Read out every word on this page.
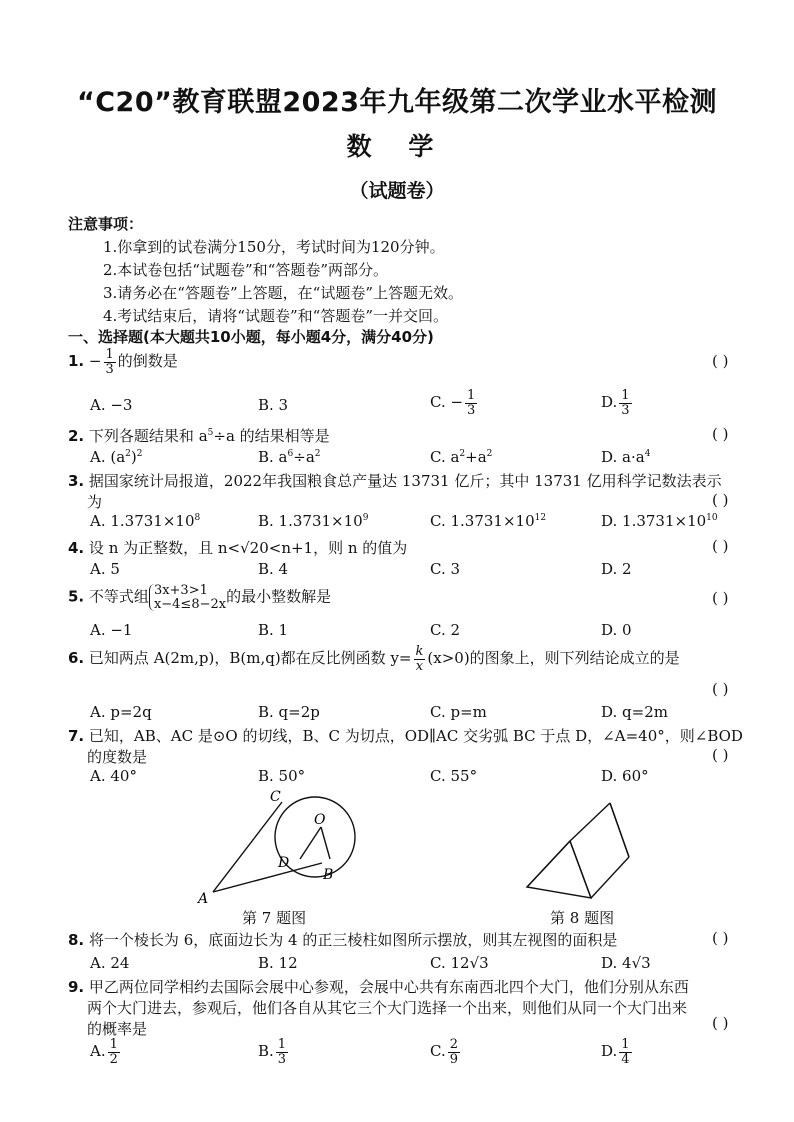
“C20”教育联盟2023年九年级第二次学业水平检测
数 学
（试题卷）
注意事项：
1.你拿到的试卷满分150分，考试时间为120分钟。
2.本试卷包括“试题卷”和“答题卷”两部分。
3.请务必在“答题卷”上答题，在“试题卷”上答题无效。
4.考试结束后，请将“试题卷”和“答题卷”一并交回。
一、选择题(本大题共10小题，每小题4分，满分40分)
1. − $\frac{1}{3}$ 的倒数是	( )
A. −3	B. 3	C. − $\frac{1}{3}$	D. $\frac{1}{3}$
2. 下列各题结果和 $a^5\div a$ 的结果相等是	( )
A. $(a^2)^2$	B. $a^6\div a^2$	C. $a^2+a^2$	D. $a\cdot a^4$
3. 据国家统计局报道，2022年我国粮食总产量达 13731 亿斤；其中 13731 亿用科学记数法表示
为	( )
A. $1.3731\times 10^8$	B. $1.3731\times 10^9$	C. $1.3731\times 10^{12}$	D. $1.3731\times 10^{10}$
4. 设 n 为正整数，且 n<√20<n+1，则 n 的值为	( )
A. 5	B. 4	C. 3	D. 2
5. 不等式组 3x+3>1
x−4≤8−2x 的最小整数解是	( )
A. −1	B. 1	C. 2	D. 0
6. 已知两点 A(2m,p)，B(m,q)都在反比例函数 $y= \frac{k}{x} (x>0)$的图象上，则下列结论成立的是
( )
A. p=2q	B. q=2p	C. p=m	D. q=2m
7. 已知，AB、AC 是⊙O 的切线，B、C 为切点，OD∥AC 交劣弧 BC 于点 D，∠A=40°，则∠BOD
的度数是	( )
A. 40°	B. 50°	C. 55°	D. 60°
A
B
C
D
O
第 7 题图	第 8 题图
8. 将一个棱长为 6，底面边长为 4 的正三棱柱如图所示摆放，则其左视图的面积是	( )
A. 24	B. 12	C. 12√3	D. 4√3
9. 甲乙两位同学相约去国际会展中心参观，会展中心共有东南西北四个大门，他们分别从东西
两个大门进去，参观后，他们各自从其它三个大门选择一个出来，则他们从同一个大门出来
的概率是	( )
A. $\frac{1}{2}$	B. $\frac{1}{3}$	C. $\frac{2}{9}$	D. $\frac{1}{4}$
